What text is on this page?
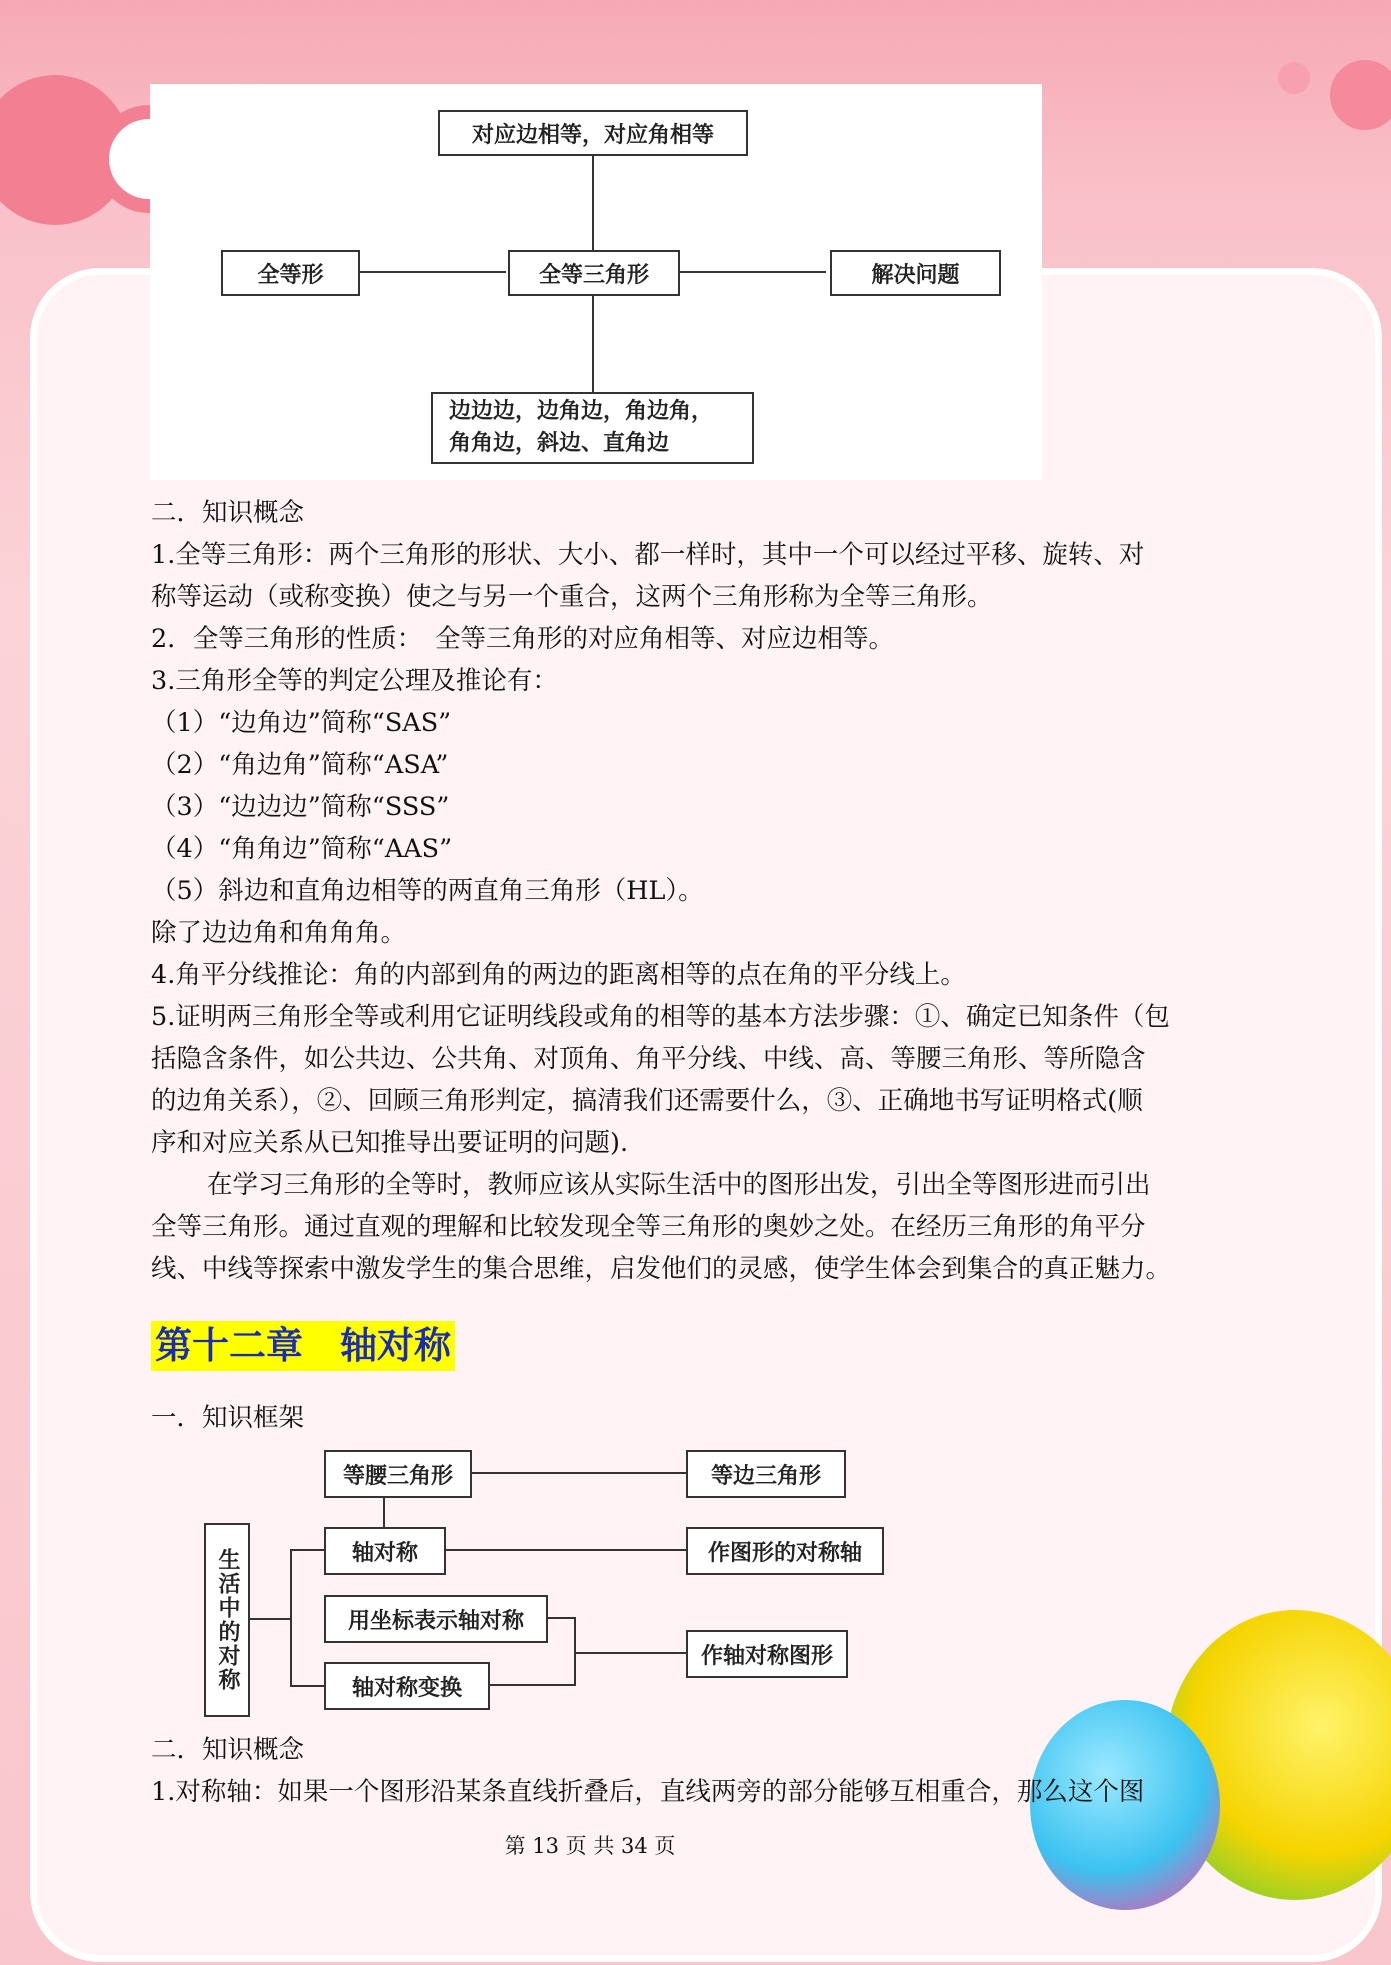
对应边相等，对应角相等
全等形	全等三角形	解决问题
边边边，边角边，角边角，
角角边，斜边、直角边

二．知识概念

1.全等三角形：两个三角形的形状、大小、都一样时，其中一个可以经过平移、旋转、对

称等运动（或称变换）使之与另一个重合，这两个三角形称为全等三角形。

2．全等三角形的性质：　全等三角形的对应角相等、对应边相等。

3.三角形全等的判定公理及推论有：

（1）“边角边”简称“SAS”

（2）“角边角”简称“ASA”

（3）“边边边”简称“SSS”

（4）“角角边”简称“AAS”

（5）斜边和直角边相等的两直角三角形（HL）。

除了边边角和角角角。

4.角平分线推论：角的内部到角的两边的距离相等的点在角的平分线上。

5.证明两三角形全等或利用它证明线段或角的相等的基本方法步骤：①、确定已知条件（包

括隐含条件，如公共边、公共角、对顶角、角平分线、中线、高、等腰三角形、等所隐含

的边角关系），②、回顾三角形判定，搞清我们还需要什么，③、正确地书写证明格式(顺

序和对应关系从已知推导出要证明的问题).

在学习三角形的全等时，教师应该从实际生活中的图形出发，引出全等图形进而引出

全等三角形。通过直观的理解和比较发现全等三角形的奥妙之处。在经历三角形的角平分

线、中线等探索中激发学生的集合思维，启发他们的灵感，使学生体会到集合的真正魅力。

第十二章　轴对称

一．知识框架

生活中的对称
等腰三角形	等边三角形
轴对称	作图形的对称轴
用坐标表示轴对称
作轴对称图形
轴对称变换

二．知识概念

1.对称轴：如果一个图形沿某条直线折叠后，直线两旁的部分能够互相重合，那么这个图

第 13 页 共 34 页
